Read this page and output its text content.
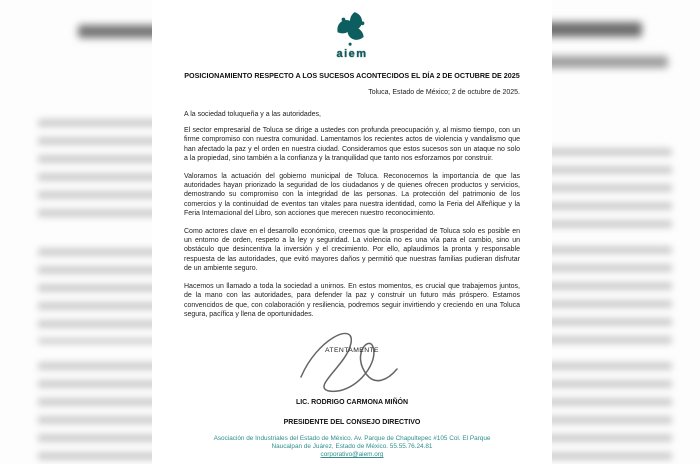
aiem
POSICIONAMIENTO RESPECTO A LOS SUCESOS ACONTECIDOS EL DÍA 2 DE OCTUBRE DE 2025
Toluca, Estado de México; 2 de octubre de 2025.
A la sociedad toluqueña y a las autoridades,
El sector empresarial de Toluca se dirige a ustedes con profunda preocupación y, al mismo tiempo, con un firme compromiso con nuestra comunidad. Lamentamos los recientes actos de violencia y vandalismo que han afectado la paz y el orden en nuestra ciudad. Consideramos que estos sucesos son un ataque no solo a la propiedad, sino también a la confianza y la tranquilidad que tanto nos esforzamos por construir.
Valoramos la actuación del gobierno municipal de Toluca. Reconocemos la importancia de que las autoridades hayan priorizado la seguridad de los ciudadanos y de quienes ofrecen productos y servicios, demostrando su compromiso con la integridad de las personas. La protección del patrimonio de los comercios y la continuidad de eventos tan vitales para nuestra identidad, como la Feria del Alfeñique y la Feria Internacional del Libro, son acciones que merecen nuestro reconocimiento.
Como actores clave en el desarrollo económico, creemos que la prosperidad de Toluca solo es posible en un entorno de orden, respeto a la ley y seguridad. La violencia no es una vía para el cambio, sino un obstáculo que desincentiva la inversión y el crecimiento. Por ello, aplaudimos la pronta y responsable respuesta de las autoridades, que evitó mayores daños y permitió que nuestras familias pudieran disfrutar de un ambiente seguro.
Hacemos un llamado a toda la sociedad a unirnos. En estos momentos, es crucial que trabajemos juntos, de la mano con las autoridades, para defender la paz y construir un futuro más próspero. Estamos convencidos de que, con colaboración y resiliencia, podremos seguir invirtiendo y creciendo en una Toluca segura, pacífica y llena de oportunidades.
ATENTAMENTE
LIC. RODRIGO CARMONA MIÑÓN
PRESIDENTE DEL CONSEJO DIRECTIVO
Asociación de Industriales del Estado de México. Av. Parque de Chapultepec #105 Col. El Parque
Naucalpan de Juárez, Estado de México. 55.55.76.24.81
corporativo@aiem.org
